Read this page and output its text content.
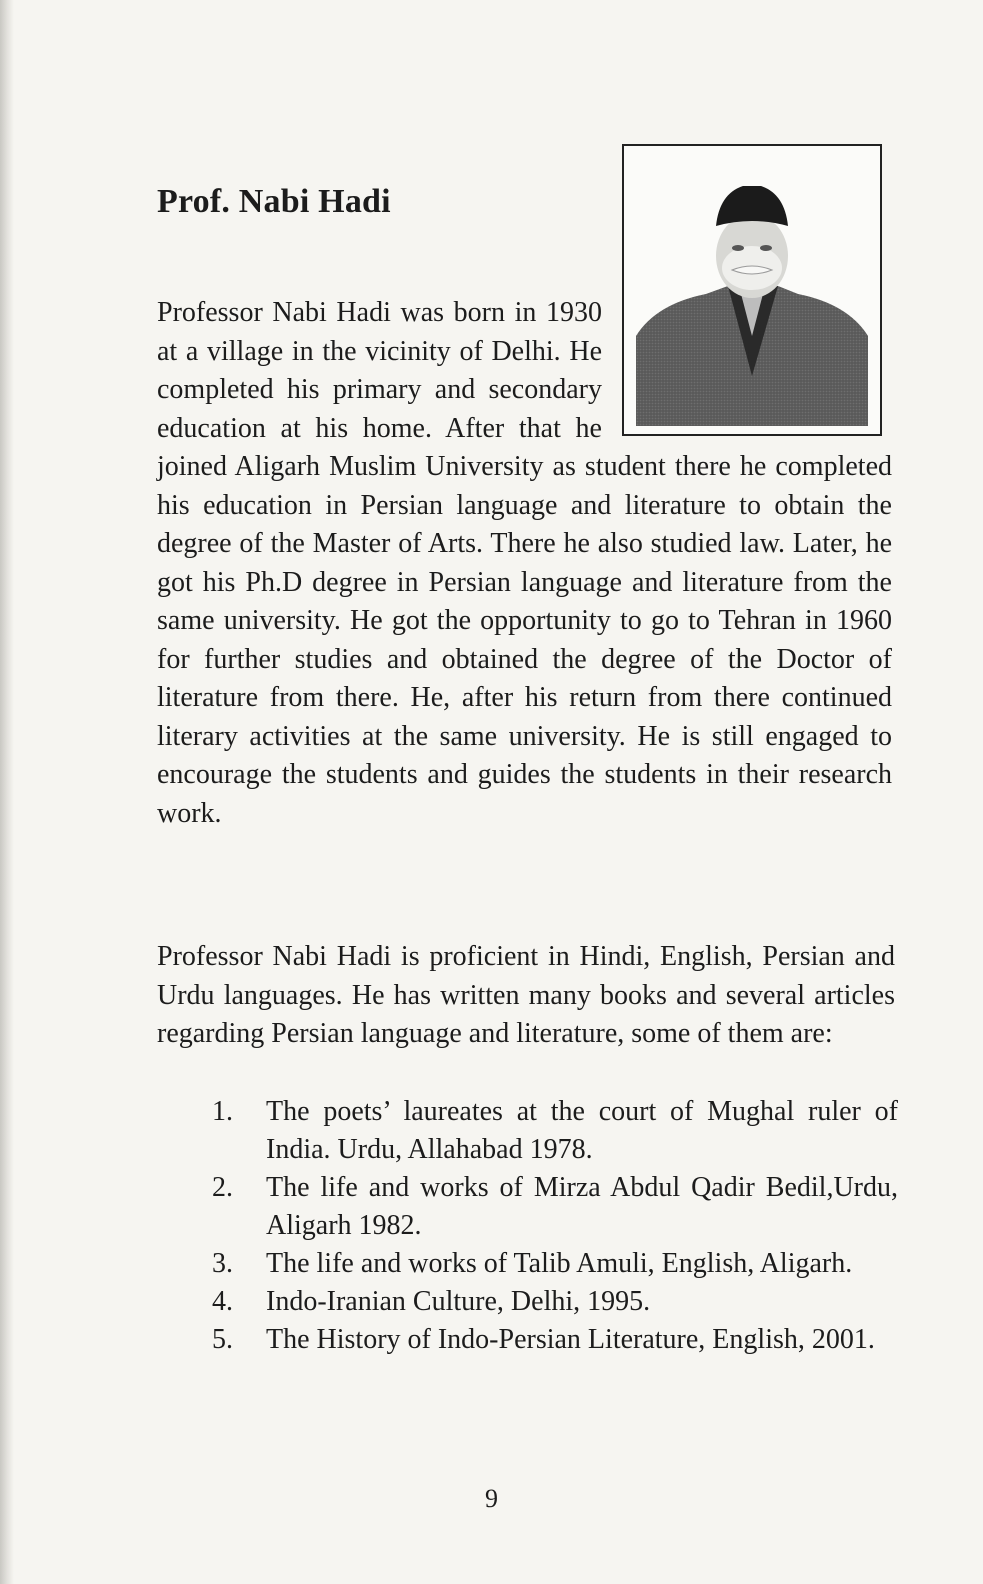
Prof. Nabi Hadi

Professor Nabi Hadi was born in 1930 at a village in the vicinity of Delhi. He completed his primary and secondary education at his home. After that he joined Aligarh Muslim University as student there he completed his education in Persian language and literature to obtain the degree of the Master of Arts. There he also studied law. Later, he got his Ph.D degree in Persian language and literature from the same university. He got the opportunity to go to Tehran in 1960 for further studies and obtained the degree of the Doctor of literature from there. He, after his return from there continued literary activities at the same university. He is still engaged to encourage the students and guides the students in their research work.

Professor Nabi Hadi is proficient in Hindi, English, Persian and Urdu languages. He has written many books and several articles regarding Persian language and literature, some of them are:

1. The poets’ laureates at the court of Mughal ruler of India. Urdu, Allahabad 1978.
2. The life and works of Mirza Abdul Qadir Bedil,Urdu, Aligarh 1982.
3. The life and works of Talib Amuli, English, Aligarh.
4. Indo-Iranian Culture, Delhi, 1995.
5. The History of Indo-Persian Literature, English, 2001.
9
